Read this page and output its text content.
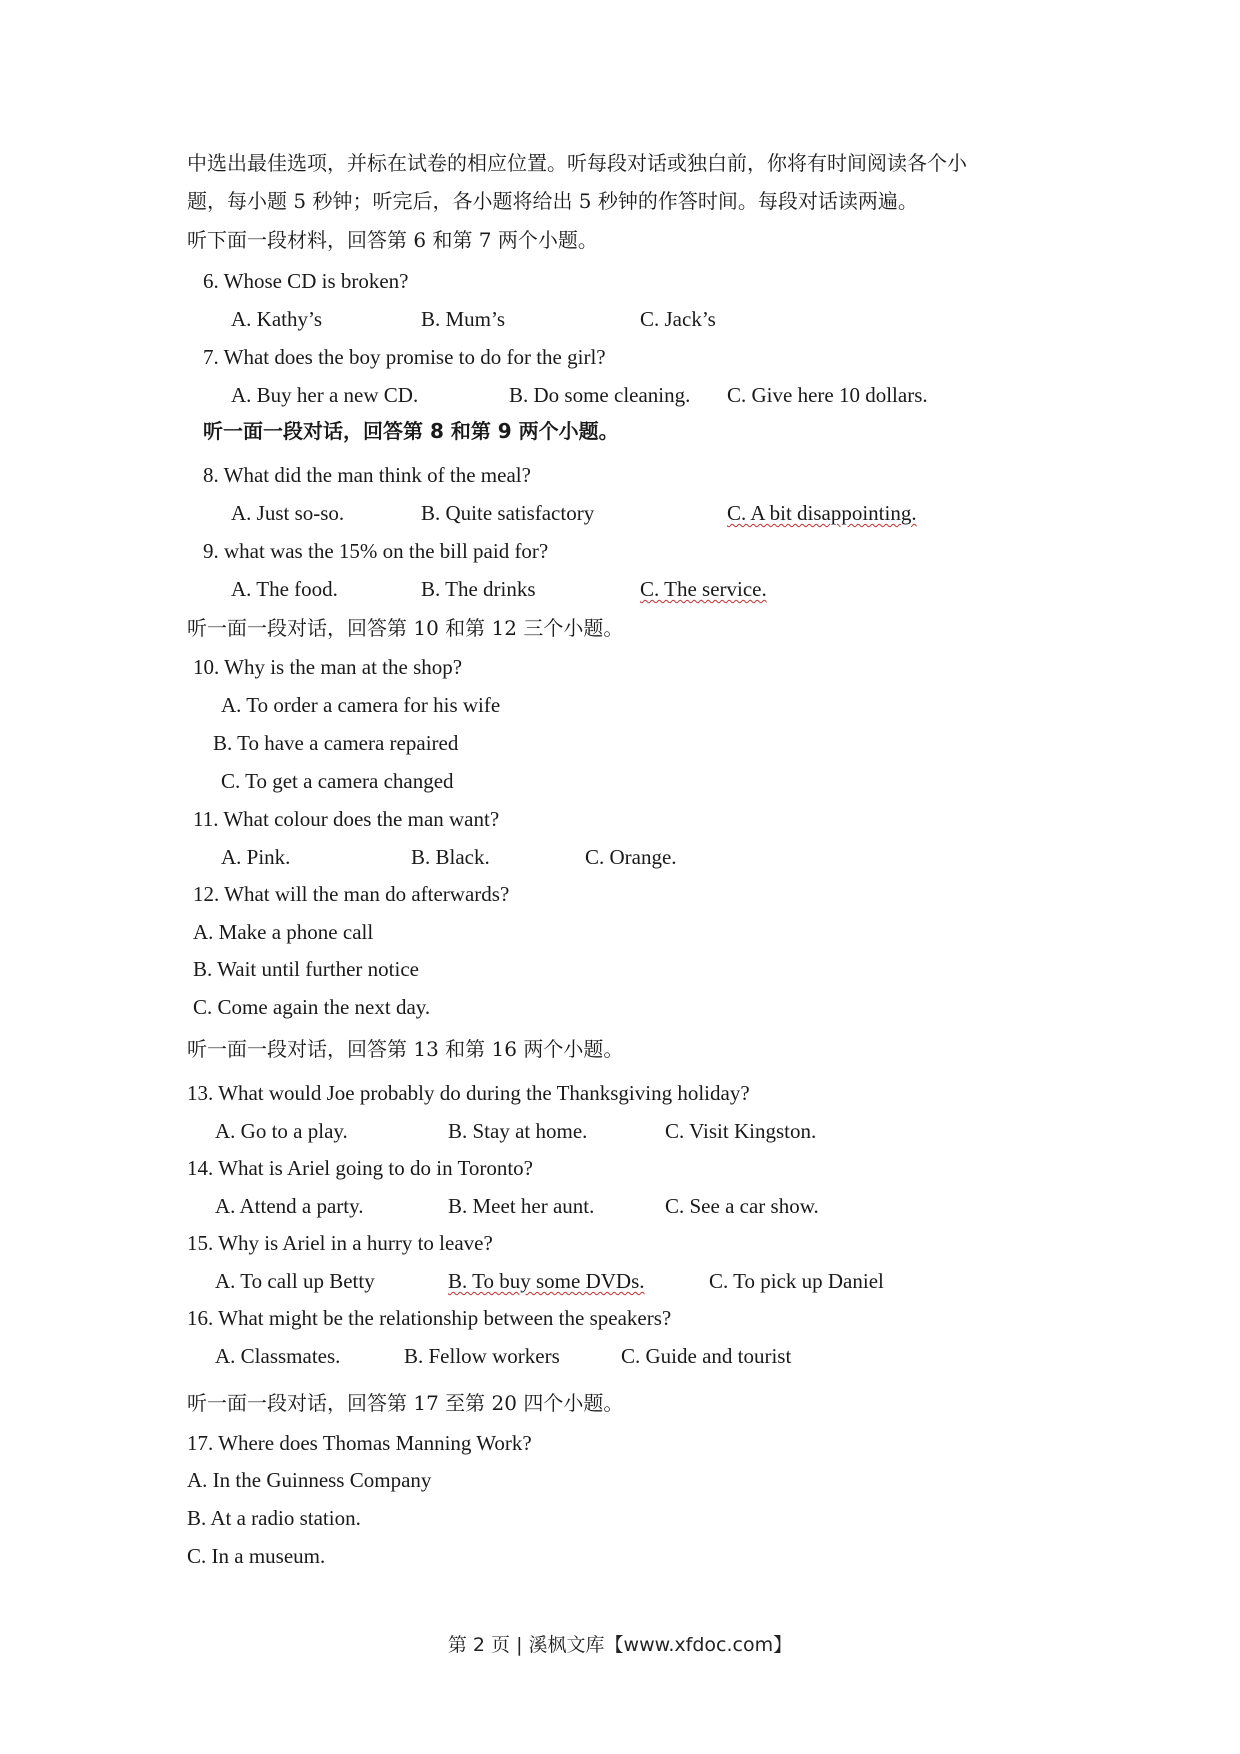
中选出最佳选项，并标在试卷的相应位置。听每段对话或独白前，你将有时间阅读各个小
题，每小题 5 秒钟；听完后，各小题将给出 5 秒钟的作答时间。每段对话读两遍。
听下面一段材料，回答第 6 和第 7 两个小题。
6. Whose CD is broken?
A. Kathy’s	B. Mum’s	C. Jack’s
7. What does the boy promise to do for the girl?
A. Buy her a new CD.	B. Do some cleaning. C. Give here 10 dollars.
听一面一段对话，回答第 8 和第 9 两个小题。
8. What did the man think of the meal?
A. Just so-so.	B. Quite satisfactory	C. A bit disappointing.
9. what was the 15% on the bill paid for?
A. The food.	B. The drinks	C. The service.
听一面一段对话，回答第 10 和第 12 三个小题。
10. Why is the man at the shop?
A. To order a camera for his wife
B. To have a camera repaired
C. To get a camera changed
11. What colour does the man want?
A. Pink.	B. Black.	C. Orange.
12. What will the man do afterwards?
A. Make a phone call
B. Wait until further notice
C. Come again the next day.
听一面一段对话，回答第 13 和第 16 两个小题。
13. What would Joe probably do during the Thanksgiving holiday?
A. Go to a play.	B. Stay at home.	C. Visit Kingston.
14. What is Ariel going to do in Toronto?
A. Attend a party.	B. Meet her aunt.	C. See a car show.
15. Why is Ariel in a hurry to leave?
A. To call up Betty	B. To buy some DVDs.	C. To pick up Daniel
16. What might be the relationship between the speakers?
A. Classmates.	B. Fellow workers	C. Guide and tourist
听一面一段对话，回答第 17 至第 20 四个小题。
17. Where does Thomas Manning Work?
A. In the Guinness Company
B. At a radio station.
C. In a museum.
第 2 页 | 溪枫文库【www.xfdoc.com】
